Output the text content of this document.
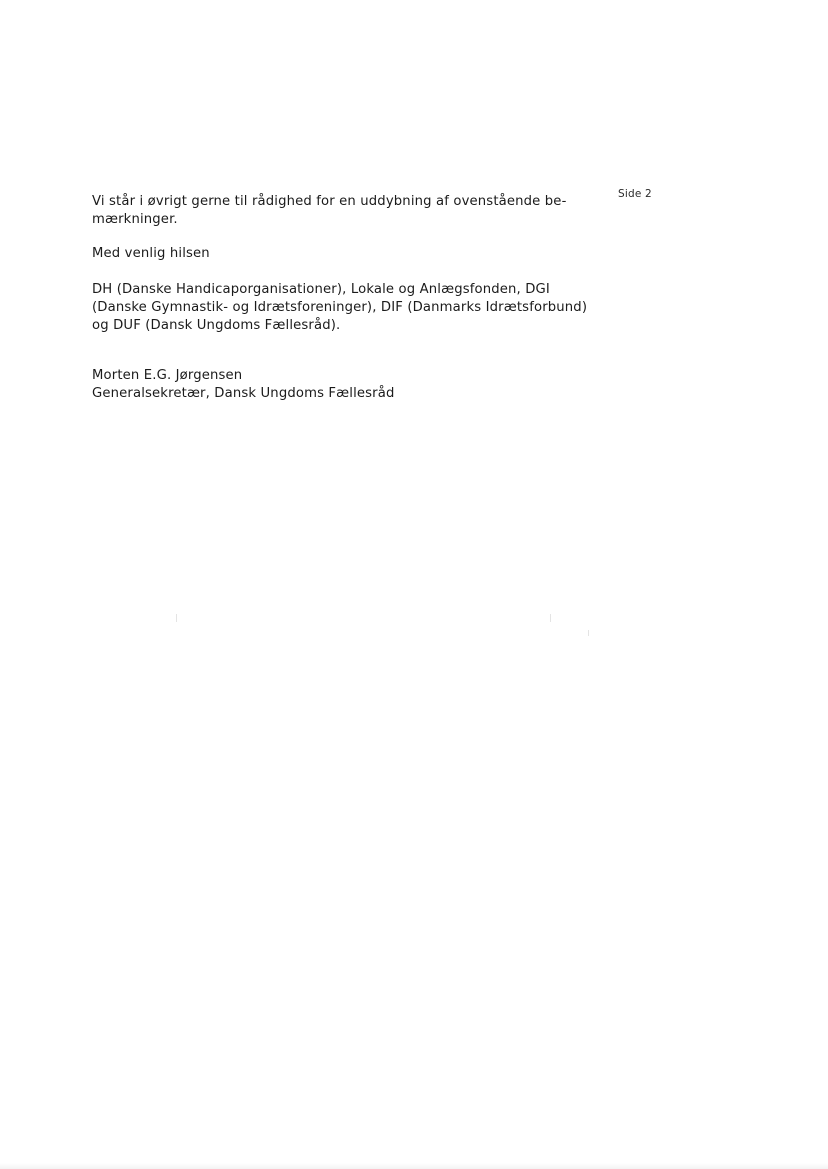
Side 2
Vi står i øvrigt gerne til rådighed for en uddybning af ovenstående be-
mærkninger.
Med venlig hilsen
DH (Danske Handicaporganisationer), Lokale og Anlægsfonden, DGI
(Danske Gymnastik- og Idrætsforeninger), DIF (Danmarks Idrætsforbund)
og DUF (Dansk Ungdoms Fællesråd).
Morten E.G. Jørgensen
Generalsekretær, Dansk Ungdoms Fællesråd
